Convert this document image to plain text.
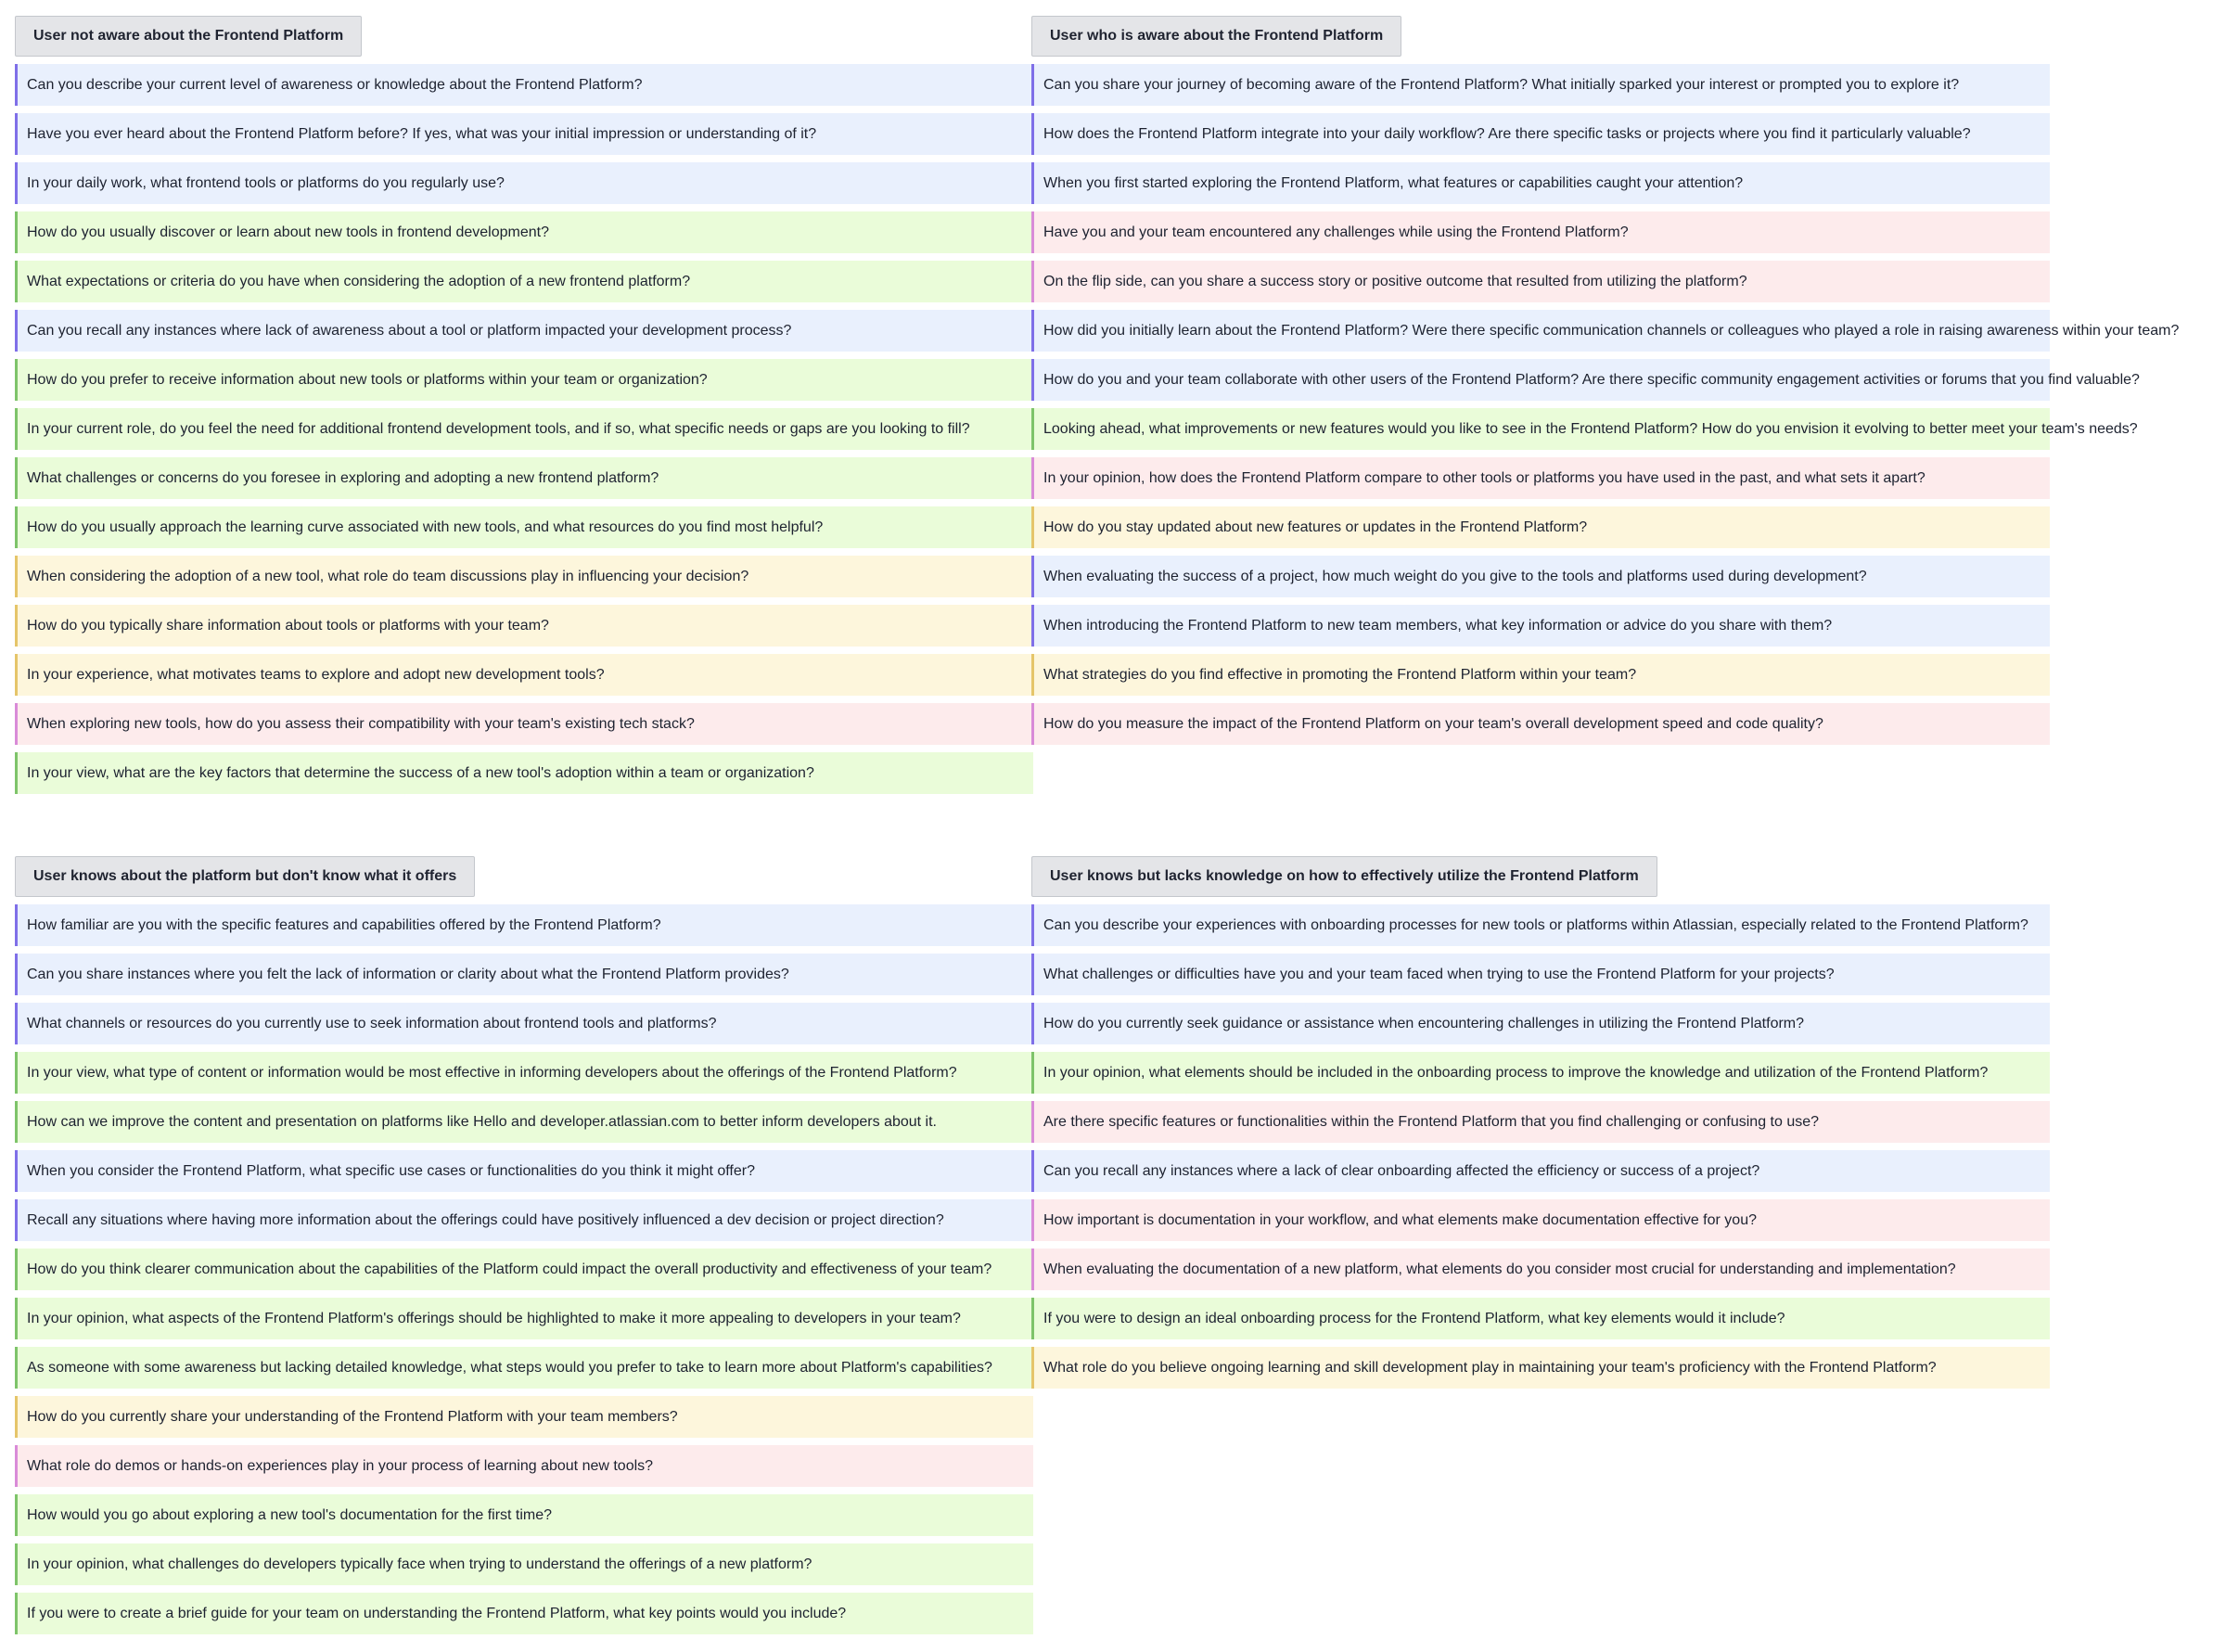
User not aware about the Frontend Platform
Can you describe your current level of awareness or knowledge about the Frontend Platform?
Have you ever heard about the Frontend Platform before? If yes, what was your initial impression or understanding of it?
In your daily work, what frontend tools or platforms do you regularly use?
How do you usually discover or learn about new tools in frontend development?
What expectations or criteria do you have when considering the adoption of a new frontend platform?
Can you recall any instances where lack of awareness about a tool or platform impacted your development process?
How do you prefer to receive information about new tools or platforms within your team or organization?
In your current role, do you feel the need for additional frontend development tools, and if so, what specific needs or gaps are you looking to fill?
What challenges or concerns do you foresee in exploring and adopting a new frontend platform?
How do you usually approach the learning curve associated with new tools, and what resources do you find most helpful?
When considering the adoption of a new tool, what role do team discussions play in influencing your decision?
How do you typically share information about tools or platforms with your team?
In your experience, what motivates teams to explore and adopt new development tools?
When exploring new tools, how do you assess their compatibility with your team's existing tech stack?
In your view, what are the key factors that determine the success of a new tool's adoption within a team or organization?
User who is aware about the Frontend Platform
Can you share your journey of becoming aware of the Frontend Platform? What initially sparked your interest or prompted you to explore it?
How does the Frontend Platform integrate into your daily workflow? Are there specific tasks or projects where you find it particularly valuable?
When you first started exploring the Frontend Platform, what features or capabilities caught your attention?
Have you and your team encountered any challenges while using the Frontend Platform?
On the flip side, can you share a success story or positive outcome that resulted from utilizing the platform?
How did you initially learn about the Frontend Platform? Were there specific communication channels or colleagues who played a role in raising awareness within your team?
How do you and your team collaborate with other users of the Frontend Platform? Are there specific community engagement activities or forums that you find valuable?
Looking ahead, what improvements or new features would you like to see in the Frontend Platform? How do you envision it evolving to better meet your team's needs?
In your opinion, how does the Frontend Platform compare to other tools or platforms you have used in the past, and what sets it apart?
How do you stay updated about new features or updates in the Frontend Platform?
When evaluating the success of a project, how much weight do you give to the tools and platforms used during development?
When introducing the Frontend Platform to new team members, what key information or advice do you share with them?
What strategies do you find effective in promoting the Frontend Platform within your team?
How do you measure the impact of the Frontend Platform on your team's overall development speed and code quality?
User knows about the platform but don't know what it offers
How familiar are you with the specific features and capabilities offered by the Frontend Platform?
Can you share instances where you felt the lack of information or clarity about what the Frontend Platform provides?
What channels or resources do you currently use to seek information about frontend tools and platforms?
In your view, what type of content or information would be most effective in informing developers about the offerings of the Frontend Platform?
How can we improve the content and presentation on platforms like Hello and developer.atlassian.com to better inform developers about it.
When you consider the Frontend Platform, what specific use cases or functionalities do you think it might offer?
Recall any situations where having more information about the offerings could have positively influenced a dev decision or project direction?
How do you think clearer communication about the capabilities of the Platform could impact the overall productivity and effectiveness of your team?
In your opinion, what aspects of the Frontend Platform's offerings should be highlighted to make it more appealing to developers in your team?
As someone with some awareness but lacking detailed knowledge, what steps would you prefer to take to learn more about Platform's capabilities?
How do you currently share your understanding of the Frontend Platform with your team members?
What role do demos or hands-on experiences play in your process of learning about new tools?
How would you go about exploring a new tool's documentation for the first time?
In your opinion, what challenges do developers typically face when trying to understand the offerings of a new platform?
If you were to create a brief guide for your team on understanding the Frontend Platform, what key points would you include?
User knows but lacks knowledge on how to effectively utilize the Frontend Platform
Can you describe your experiences with onboarding processes for new tools or platforms within Atlassian, especially related to the Frontend Platform?
What challenges or difficulties have you and your team faced when trying to use the Frontend Platform for your projects?
How do you currently seek guidance or assistance when encountering challenges in utilizing the Frontend Platform?
In your opinion, what elements should be included in the onboarding process to improve the knowledge and utilization of the Frontend Platform?
Are there specific features or functionalities within the Frontend Platform that you find challenging or confusing to use?
Can you recall any instances where a lack of clear onboarding affected the efficiency or success of a project?
How important is documentation in your workflow, and what elements make documentation effective for you?
When evaluating the documentation of a new platform, what elements do you consider most crucial for understanding and implementation?
If you were to design an ideal onboarding process for the Frontend Platform, what key elements would it include?
What role do you believe ongoing learning and skill development play in maintaining your team's proficiency with the Frontend Platform?
